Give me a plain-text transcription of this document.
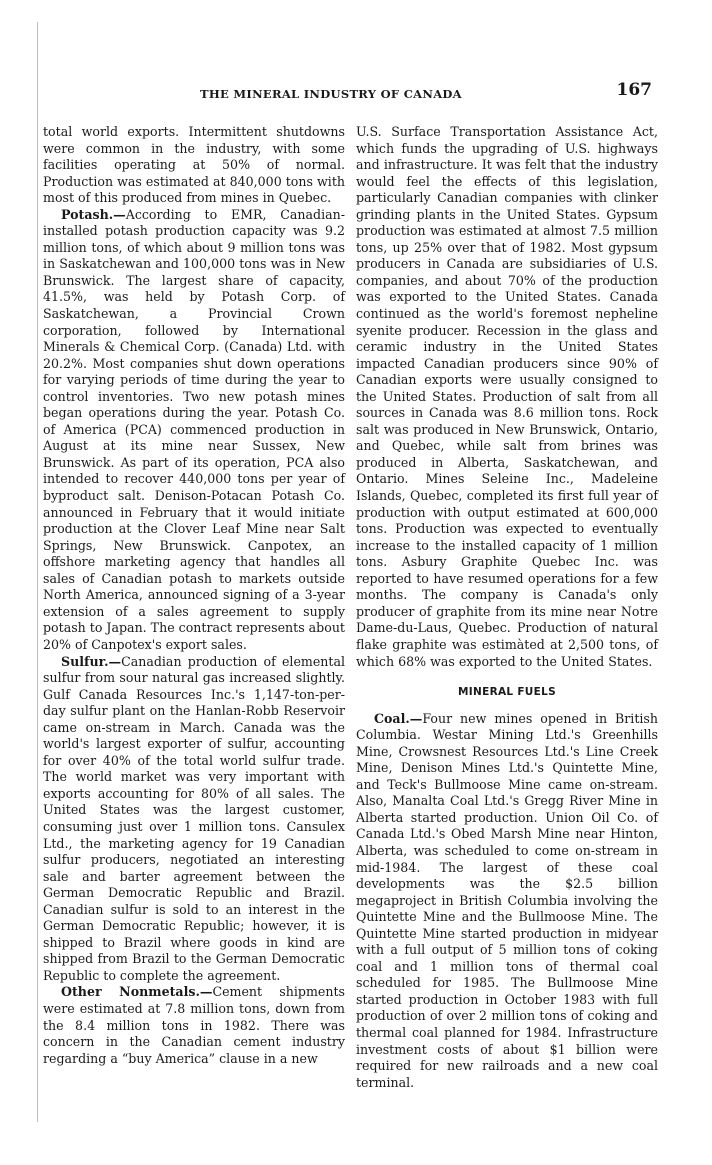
THE MINERAL INDUSTRY OF CANADA	167

total world exports. Intermittent shutdowns were common in the industry, with some facilities operating at 50% of normal. Production was estimated at 840,000 tons with most of this produced from mines in Quebec.

Potash.—According to EMR, Canadian-installed potash production capacity was 9.2 million tons, of which about 9 million tons was in Saskatchewan and 100,000 tons was in New Brunswick. The largest share of capacity, 41.5%, was held by Potash Corp. of Saskatchewan, a Provincial Crown corporation, followed by International Minerals & Chemical Corp. (Canada) Ltd. with 20.2%. Most companies shut down operations for varying periods of time during the year to control inventories. Two new potash mines began operations during the year. Potash Co. of America (PCA) commenced production in August at its mine near Sussex, New Brunswick. As part of its operation, PCA also intended to recover 440,000 tons per year of byproduct salt. Denison-Potacan Potash Co. announced in February that it would initiate production at the Clover Leaf Mine near Salt Springs, New Brunswick. Canpotex, an offshore marketing agency that handles all sales of Canadian potash to markets outside North America, announced signing of a 3-year extension of a sales agreement to supply potash to Japan. The contract represents about 20% of Canpotex's export sales.

Sulfur.—Canadian production of elemental sulfur from sour natural gas increased slightly. Gulf Canada Resources Inc.'s 1,147-ton-per-day sulfur plant on the Hanlan-Robb Reservoir came on-stream in March. Canada was the world's largest exporter of sulfur, accounting for over 40% of the total world sulfur trade. The world market was very important with exports accounting for 80% of all sales. The United States was the largest customer, consuming just over 1 million tons. Cansulex Ltd., the marketing agency for 19 Canadian sulfur producers, negotiated an interesting sale and barter agreement between the German Democratic Republic and Brazil. Canadian sulfur is sold to an interest in the German Democratic Republic; however, it is shipped to Brazil where goods in kind are shipped from Brazil to the German Democratic Republic to complete the agreement.

Other Nonmetals.—Cement shipments were estimated at 7.8 million tons, down from the 8.4 million tons in 1982. There was concern in the Canadian cement industry regarding a “buy America” clause in a new

U.S. Surface Transportation Assistance Act, which funds the upgrading of U.S. highways and infrastructure. It was felt that the industry would feel the effects of this legislation, particularly Canadian companies with clinker grinding plants in the United States. Gypsum production was estimated at almost 7.5 million tons, up 25% over that of 1982. Most gypsum producers in Canada are subsidiaries of U.S. companies, and about 70% of the production was exported to the United States. Canada continued as the world's foremost nepheline syenite producer. Recession in the glass and ceramic industry in the United States impacted Canadian producers since 90% of Canadian exports were usually consigned to the United States. Production of salt from all sources in Canada was 8.6 million tons. Rock salt was produced in New Brunswick, Ontario, and Quebec, while salt from brines was produced in Alberta, Saskatchewan, and Ontario. Mines Seleine Inc., Madeleine Islands, Quebec, completed its first full year of production with output estimated at 600,000 tons. Production was expected to eventually increase to the installed capacity of 1 million tons. Asbury Graphite Quebec Inc. was reported to have resumed operations for a few months. The company is Canada's only producer of graphite from its mine near Notre Dame-du-Laus, Quebec. Production of natural flake graphite was estimàted at 2,500 tons, of which 68% was exported to the United States.

MINERAL FUELS

Coal.—Four new mines opened in British Columbia. Westar Mining Ltd.'s Greenhills Mine, Crowsnest Resources Ltd.'s Line Creek Mine, Denison Mines Ltd.'s Quintette Mine, and Teck's Bullmoose Mine came on-stream. Also, Manalta Coal Ltd.'s Gregg River Mine in Alberta started production. Union Oil Co. of Canada Ltd.'s Obed Marsh Mine near Hinton, Alberta, was scheduled to come on-stream in mid-1984. The largest of these coal developments was the $2.5 billion megaproject in British Columbia involving the Quintette Mine and the Bullmoose Mine. The Quintette Mine started production in midyear with a full output of 5 million tons of coking coal and 1 million tons of thermal coal scheduled for 1985. The Bullmoose Mine started production in October 1983 with full production of over 2 million tons of coking and thermal coal planned for 1984. Infrastructure investment costs of about $1 billion were required for new railroads and a new coal terminal.
